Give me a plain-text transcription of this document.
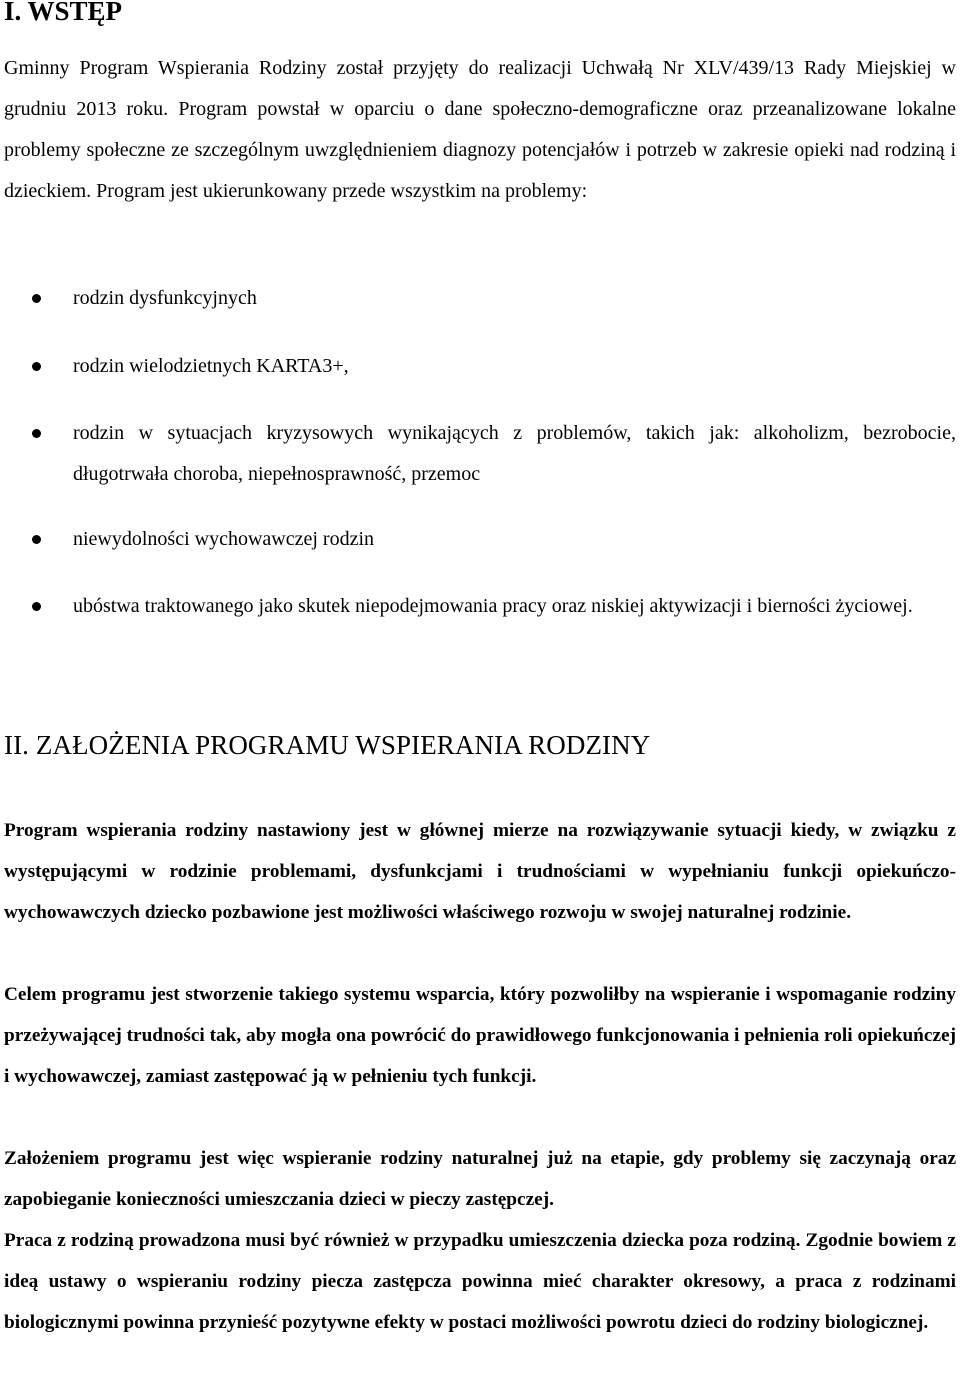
I. WSTĘP

Gminny Program Wspierania Rodziny został przyjęty do realizacji Uchwałą Nr XLV/439/13 Rady Miejskiej w grudniu 2013 roku. Program powstał w oparciu o dane społeczno-demograficzne oraz przeanalizowane lokalne problemy społeczne ze szczególnym uwzględnieniem diagnozy potencjałów i potrzeb w zakresie opieki nad rodziną i dzieckiem. Program jest ukierunkowany przede wszystkim na problemy:

rodzin dysfunkcyjnych
rodzin wielodzietnych KARTA3+,
rodzin w sytuacjach kryzysowych wynikających z problemów, takich jak: alkoholizm, bezrobocie, długotrwała choroba, niepełnosprawność, przemoc
niewydolności wychowawczej rodzin
ubóstwa traktowanego jako skutek niepodejmowania pracy oraz niskiej aktywizacji i bierności życiowej.
II. ZAŁOŻENIA PROGRAMU WSPIERANIA RODZINY

Program wspierania rodziny nastawiony jest w głównej mierze na rozwiązywanie sytuacji kiedy, w związku z występującymi w rodzinie problemami, dysfunkcjami i trudnościami w wypełnianiu funkcji opiekuńczo-wychowawczych dziecko pozbawione jest możliwości właściwego rozwoju w swojej naturalnej rodzinie.

Celem programu jest stworzenie takiego systemu wsparcia, który pozwoliłby na wspieranie i wspomaganie rodziny przeżywającej trudności tak, aby mogła ona powrócić do prawidłowego funkcjonowania i pełnienia roli opiekuńczej i wychowawczej, zamiast zastępować ją w pełnieniu tych funkcji.

Założeniem programu jest więc wspieranie rodziny naturalnej już na etapie, gdy problemy się zaczynają oraz zapobieganie konieczności umieszczania dzieci w pieczy zastępczej.

Praca z rodziną prowadzona musi być również w przypadku umieszczenia dziecka poza rodziną. Zgodnie bowiem z ideą ustawy o wspieraniu rodziny piecza zastępcza powinna mieć charakter okresowy, a praca z rodzinami biologicznymi powinna przynieść pozytywne efekty w postaci możliwości powrotu dzieci do rodziny biologicznej.
